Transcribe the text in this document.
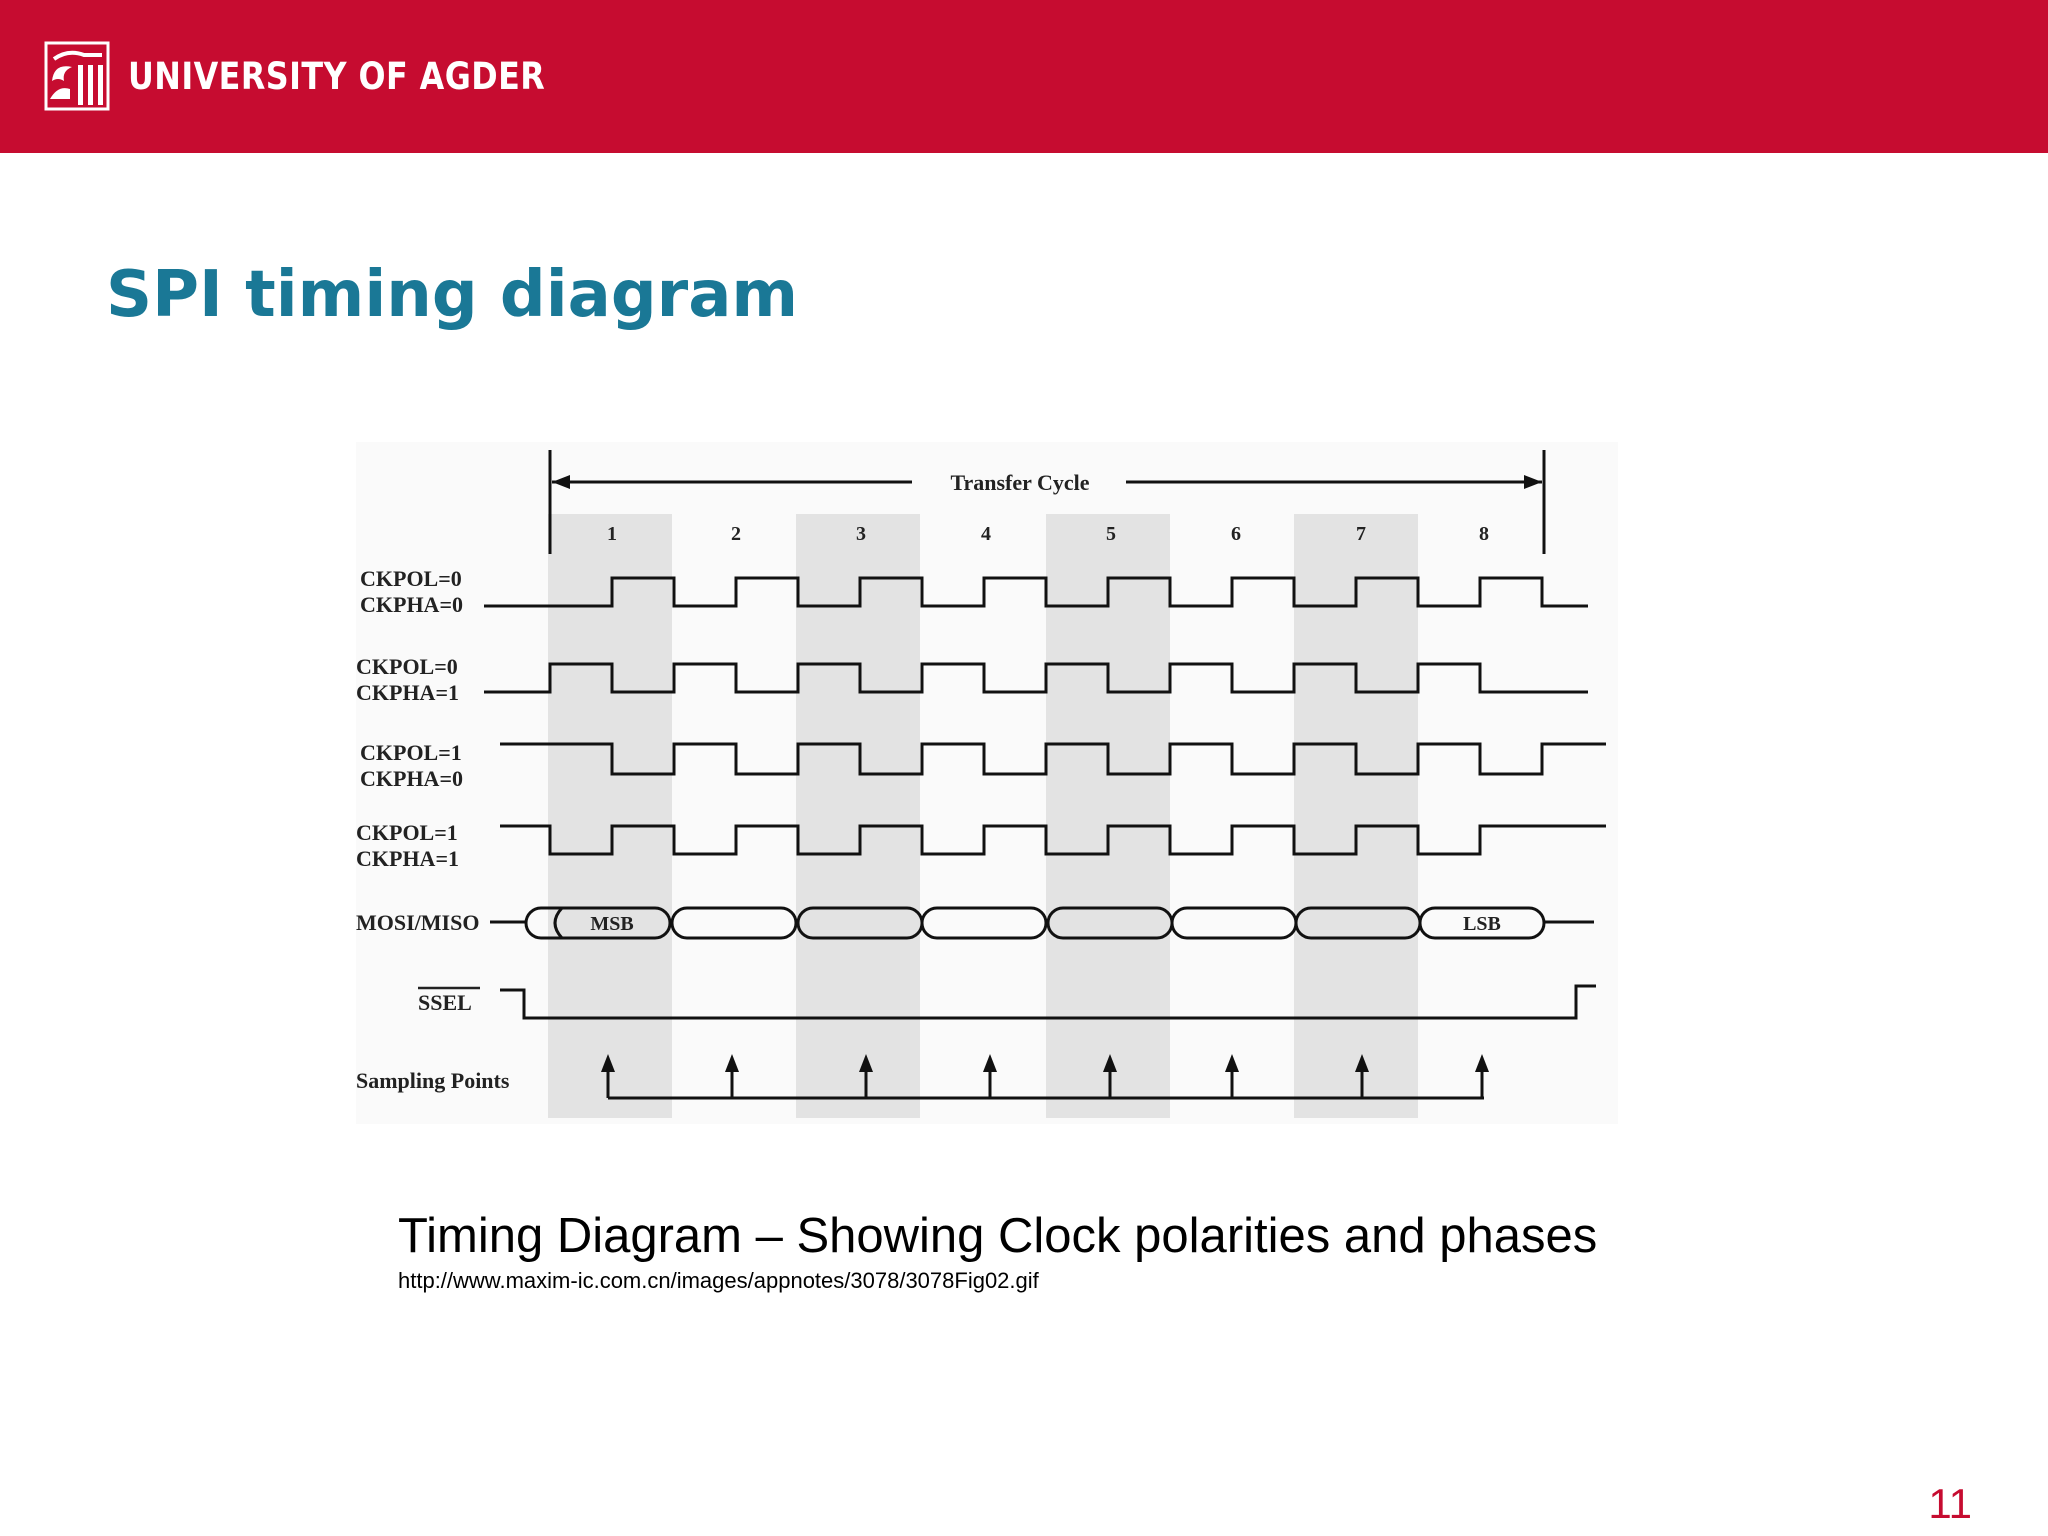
UNIVERSITY OF AGDER
SPI timing diagram
Transfer Cycle
1	2	3	4	5	6	7	8
CKPOL=0
CKPHA=0
CKPOL=0
CKPHA=1
CKPOL=1
CKPHA=0
CKPOL=1
CKPHA=1
MOSI/MISO
SSEL
Sampling Points
MSB	LSB
Timing Diagram – Showing Clock polarities and phases
http://www.maxim-ic.com.cn/images/appnotes/3078/3078Fig02.gif
11
